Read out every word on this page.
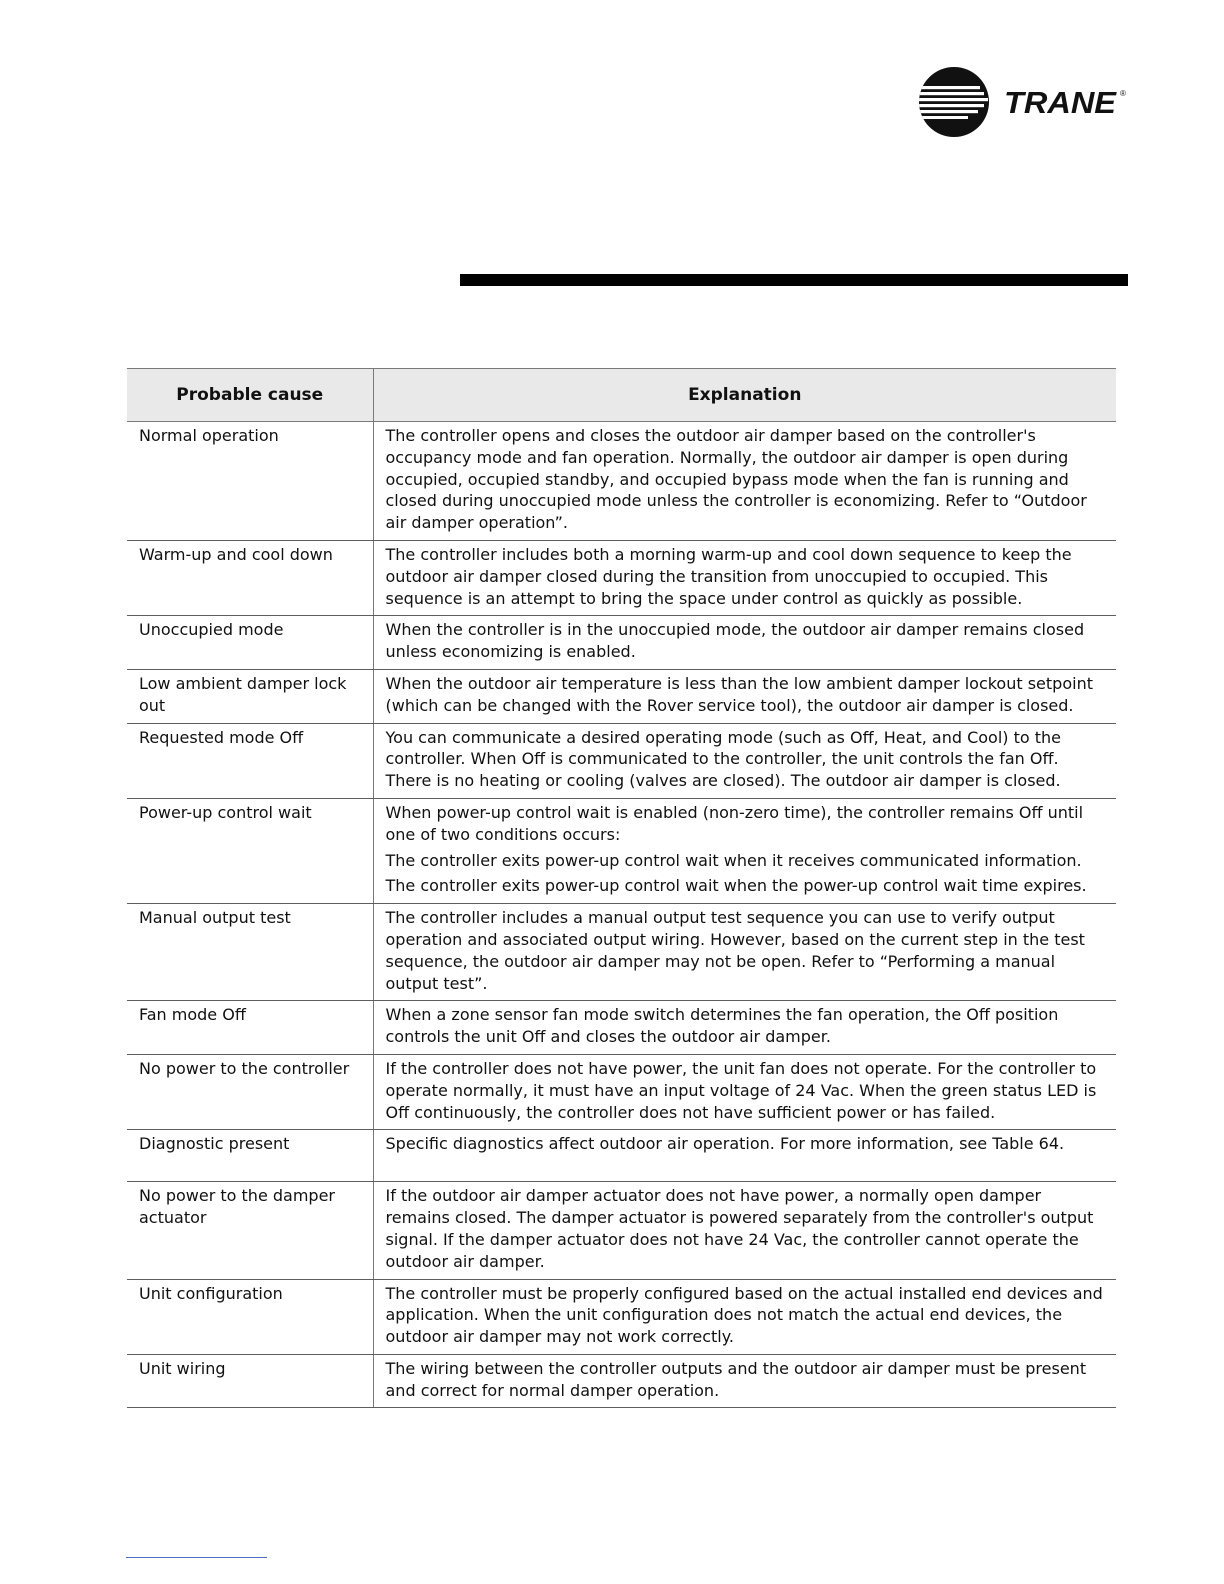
TRANE ®
Probable cause	Explanation
Normal operation	The controller opens and closes the outdoor air damper based on the controller's occupancy mode and fan operation. Normally, the outdoor air damper is open during occupied, occupied standby, and occupied bypass mode when the fan is running and closed during unoccupied mode unless the controller is economizing. Refer to “Outdoor air damper operation”.

Warm-up and cool down	The controller includes both a morning warm-up and cool down sequence to keep the outdoor air damper closed during the transition from unoccupied to occupied. This sequence is an attempt to bring the space under control as quickly as possible.

Unoccupied mode	When the controller is in the unoccupied mode, the outdoor air damper remains closed unless economizing is enabled.

Low ambient damper lock out	When the outdoor air temperature is less than the low ambient damper lockout setpoint (which can be changed with the Rover service tool), the outdoor air damper is closed.

Requested mode Off	You can communicate a desired operating mode (such as Off, Heat, and Cool) to the controller. When Off is communicated to the controller, the unit controls the fan Off. There is no heating or cooling (valves are closed). The outdoor air damper is closed.

Power-up control wait	When power-up control wait is enabled (non-zero time), the controller remains Off until one of two conditions occurs:
The controller exits power-up control wait when it receives communicated information.
The controller exits power-up control wait when the power-up control wait time expires.

Manual output test	The controller includes a manual output test sequence you can use to verify output operation and associated output wiring. However, based on the current step in the test sequence, the outdoor air damper may not be open. Refer to “Performing a manual output test”.

Fan mode Off	When a zone sensor fan mode switch determines the fan operation, the Off position controls the unit Off and closes the outdoor air damper.

No power to the controller	If the controller does not have power, the unit fan does not operate. For the controller to operate normally, it must have an input voltage of 24 Vac. When the green status LED is Off continuously, the controller does not have sufficient power or has failed.

Diagnostic present	Specific diagnostics affect outdoor air operation. For more information, see Table 64.

No power to the damper actuator	If the outdoor air damper actuator does not have power, a normally open damper remains closed. The damper actuator is powered separately from the controller's output signal. If the damper actuator does not have 24 Vac, the controller cannot operate the outdoor air damper.

Unit configuration	The controller must be properly configured based on the actual installed end devices and application. When the unit configuration does not match the actual end devices, the outdoor air damper may not work correctly.

Unit wiring	The wiring between the controller outputs and the outdoor air damper must be present and correct for normal damper operation.
